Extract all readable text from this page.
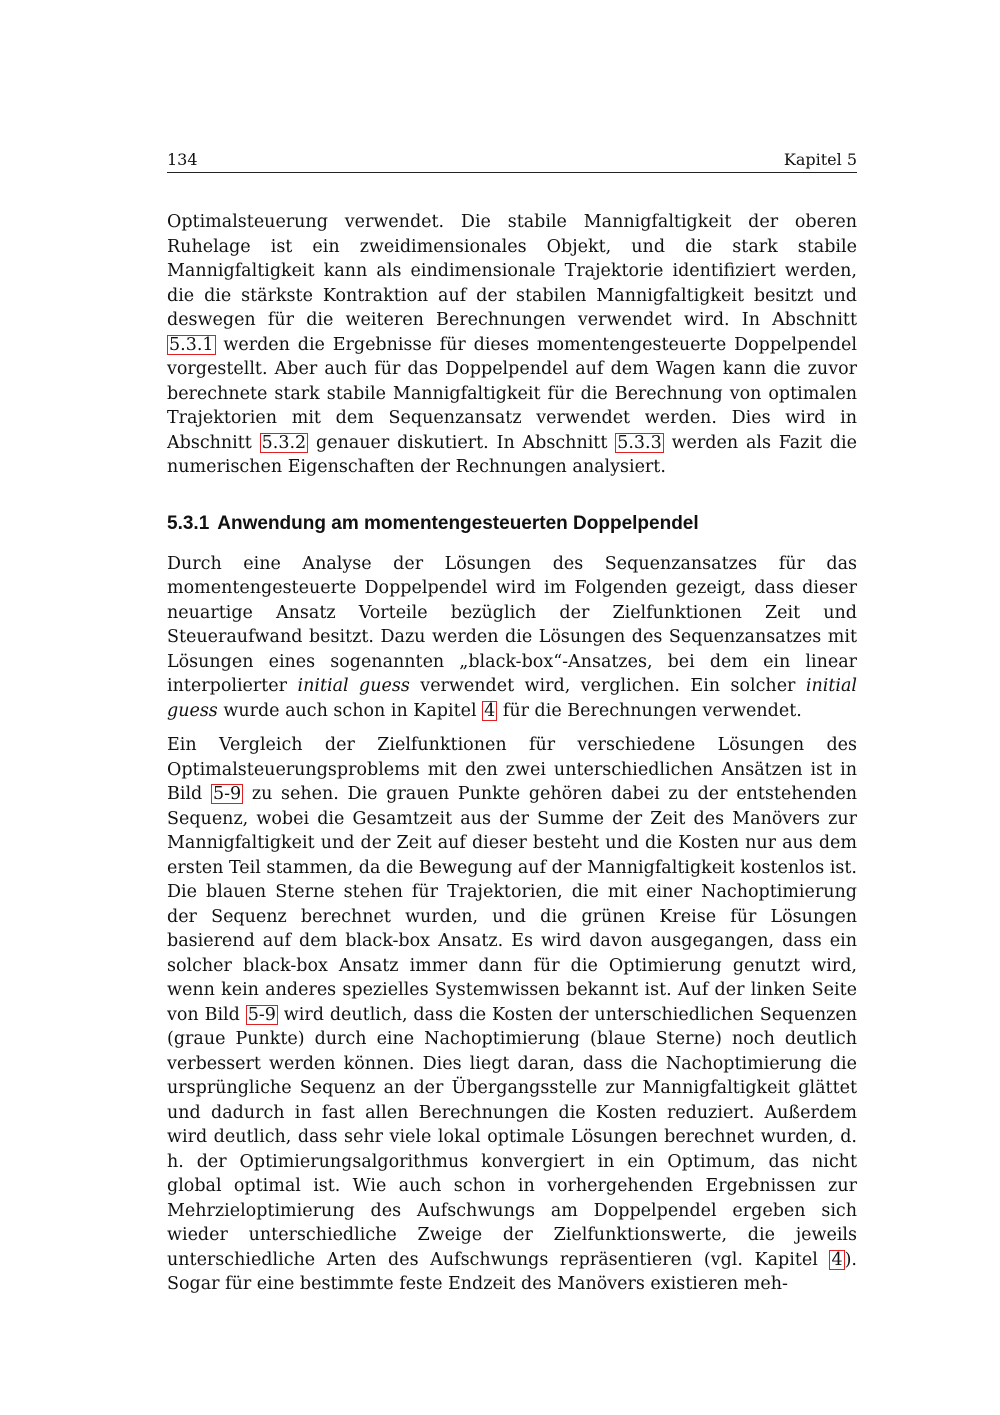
134	Kapitel 5

Optimalsteuerung verwendet. Die stabile Mannigfaltigkeit der oberen Ruhelage ist ein zweidimensionales Objekt, und die stark stabile Mannigfaltigkeit kann als eindimensionale Trajektorie identifiziert werden, die die stärkste Kontraktion auf der stabilen Mannigfaltigkeit besitzt und deswegen für die weiteren Berechnungen verwendet wird. In Abschnitt 5.3.1 werden die Ergebnisse für dieses momentengesteuerte Doppelpendel vorgestellt. Aber auch für das Doppelpendel auf dem Wagen kann die zuvor berechnete stark stabile Mannigfaltigkeit für die Berechnung von optimalen Trajektorien mit dem Sequenzansatz verwendet werden. Dies wird in Abschnitt 5.3.2 genauer diskutiert. In Abschnitt 5.3.3 werden als Fazit die numerischen Eigenschaften der Rechnungen analysiert.

5.3.1 Anwendung am momentengesteuerten Doppelpendel

Durch eine Analyse der Lösungen des Sequenzansatzes für das momentengesteuerte Doppelpendel wird im Folgenden gezeigt, dass dieser neuartige Ansatz Vorteile bezüglich der Zielfunktionen Zeit und Steueraufwand besitzt. Dazu werden die Lösungen des Sequenzansatzes mit Lösungen eines sogenannten „black-box“-Ansatzes, bei dem ein linear interpolierter initial guess verwendet wird, verglichen. Ein solcher initial guess wurde auch schon in Kapitel 4 für die Berechnungen verwendet.

Ein Vergleich der Zielfunktionen für verschiedene Lösungen des Optimalsteuerungsproblems mit den zwei unterschiedlichen Ansätzen ist in Bild 5-9 zu sehen. Die grauen Punkte gehören dabei zu der entstehenden Sequenz, wobei die Gesamtzeit aus der Summe der Zeit des Manövers zur Mannigfaltigkeit und der Zeit auf dieser besteht und die Kosten nur aus dem ersten Teil stammen, da die Bewegung auf der Mannigfaltigkeit kostenlos ist. Die blauen Sterne stehen für Trajektorien, die mit einer Nachoptimierung der Sequenz berechnet wurden, und die grünen Kreise für Lösungen basierend auf dem black-box Ansatz. Es wird davon ausgegangen, dass ein solcher black-box Ansatz immer dann für die Optimierung genutzt wird, wenn kein anderes spezielles Systemwissen bekannt ist. Auf der linken Seite von Bild 5-9 wird deutlich, dass die Kosten der unterschiedlichen Sequenzen (graue Punkte) durch eine Nachoptimierung (blaue Sterne) noch deutlich verbessert werden können. Dies liegt daran, dass die Nachoptimierung die ursprüngliche Sequenz an der Übergangsstelle zur Mannigfaltigkeit glättet und dadurch in fast allen Berechnungen die Kosten reduziert. Außerdem wird deutlich, dass sehr viele lokal optimale Lösungen berechnet wurden, d. h. der Optimierungsalgorithmus konvergiert in ein Optimum, das nicht global optimal ist. Wie auch schon in vorhergehenden Ergebnissen zur Mehrzieloptimierung des Aufschwungs am Doppelpendel ergeben sich wieder unterschiedliche Zweige der Zielfunktionswerte, die jeweils unterschiedliche Arten des Aufschwungs repräsentieren (vgl. Kapitel 4 ). Sogar für eine bestimmte feste Endzeit des Manövers existieren meh-
